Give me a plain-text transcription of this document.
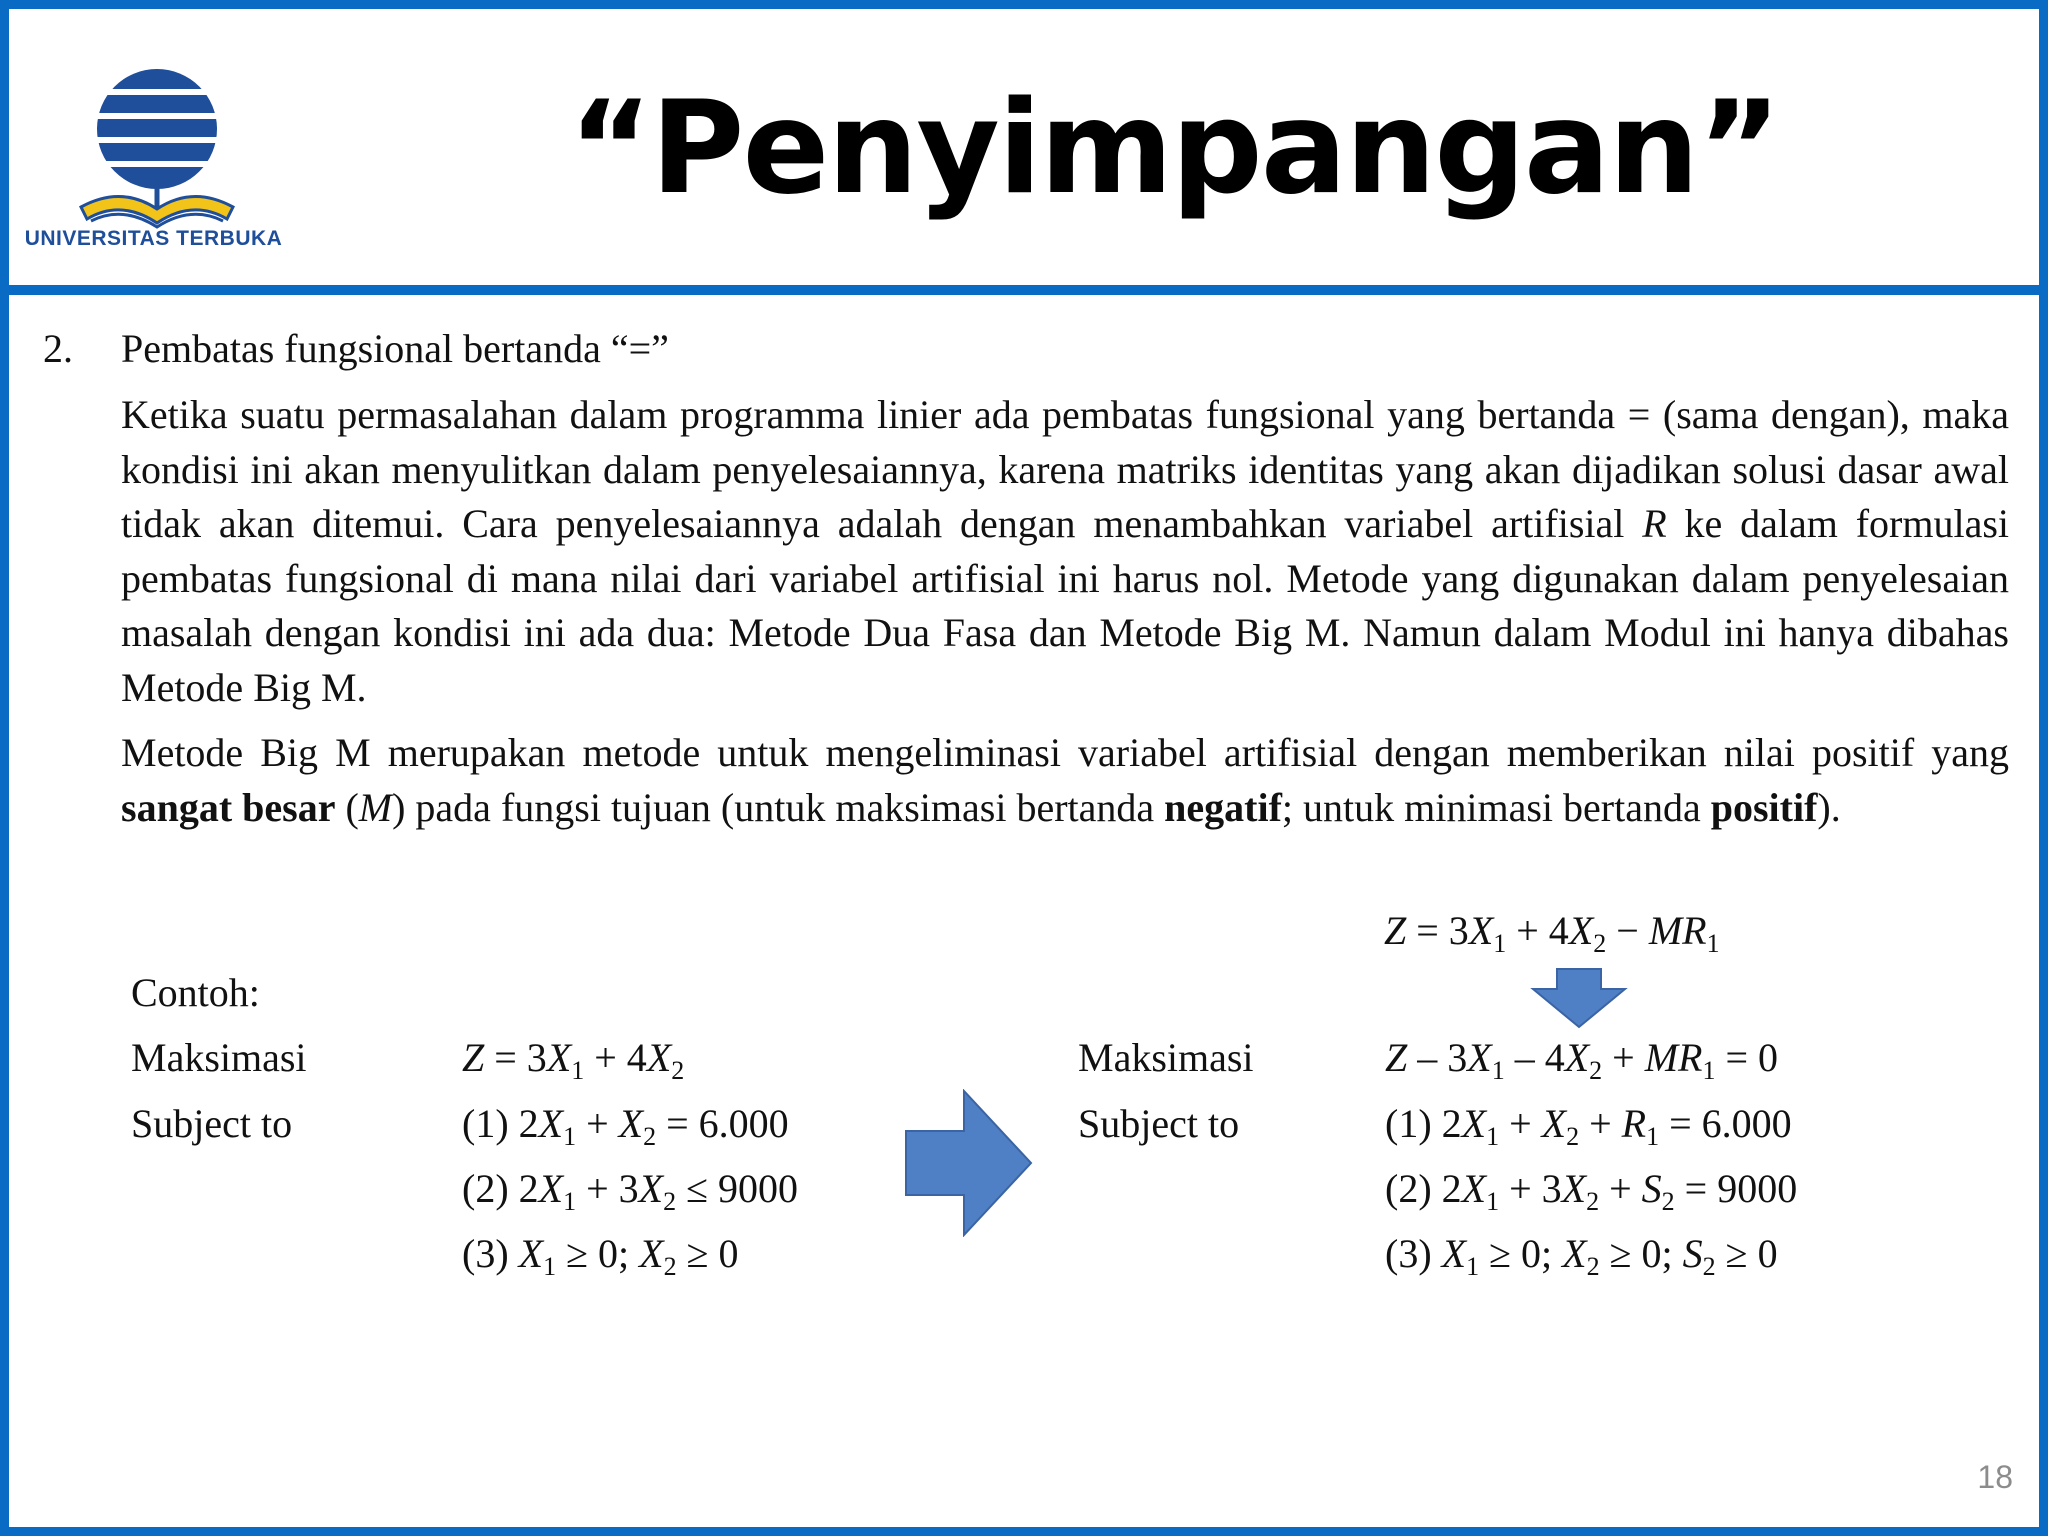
UNIVERSITAS TERBUKA
“Penyimpangan”
2. Pembatas fungsional bertanda “=”

Ketika suatu permasalahan dalam programma linier ada pembatas fungsional yang bertanda = (sama dengan), maka kondisi ini akan menyulitkan dalam penyelesaiannya, karena matriks identitas yang akan dijadikan solusi dasar awal tidak akan ditemui. Cara penyelesaiannya adalah dengan menambahkan variabel artifisial R ke dalam formulasi pembatas fungsional di mana nilai dari variabel artifisial ini harus nol. Metode yang digunakan dalam penyelesaian masalah dengan kondisi ini ada dua: Metode Dua Fasa dan Metode Big M. Namun dalam Modul ini hanya dibahas Metode Big M.

Metode Big M merupakan metode untuk mengeliminasi variabel artifisial dengan memberikan nilai positif yang sangat besar (M) pada fungsi tujuan (untuk maksimasi bertanda negatif; untuk minimasi bertanda positif).

$Z = 3X_1 + 4X_2 - MR_1$
Contoh:
Maksimasi	$Z = 3X_1 + 4X_2$
Subject to	(1) $2X_1 + X_2 = 6.000$
(2) $2X_1 + 3X_2 \le 9000$
(3) $X_1 \ge 0$; $X_2 \ge 0$
Maksimasi	$Z - 3X_1 - 4X_2 + MR_1 = 0$
Subject to	(1) $2X_1 + X_2 + R_1 = 6.000$
(2) $2X_1 + 3X_2 + S_2 = 9000$
(3) $X_1 \ge 0$; $X_2 \ge 0$; $S_2 \ge 0$
18
